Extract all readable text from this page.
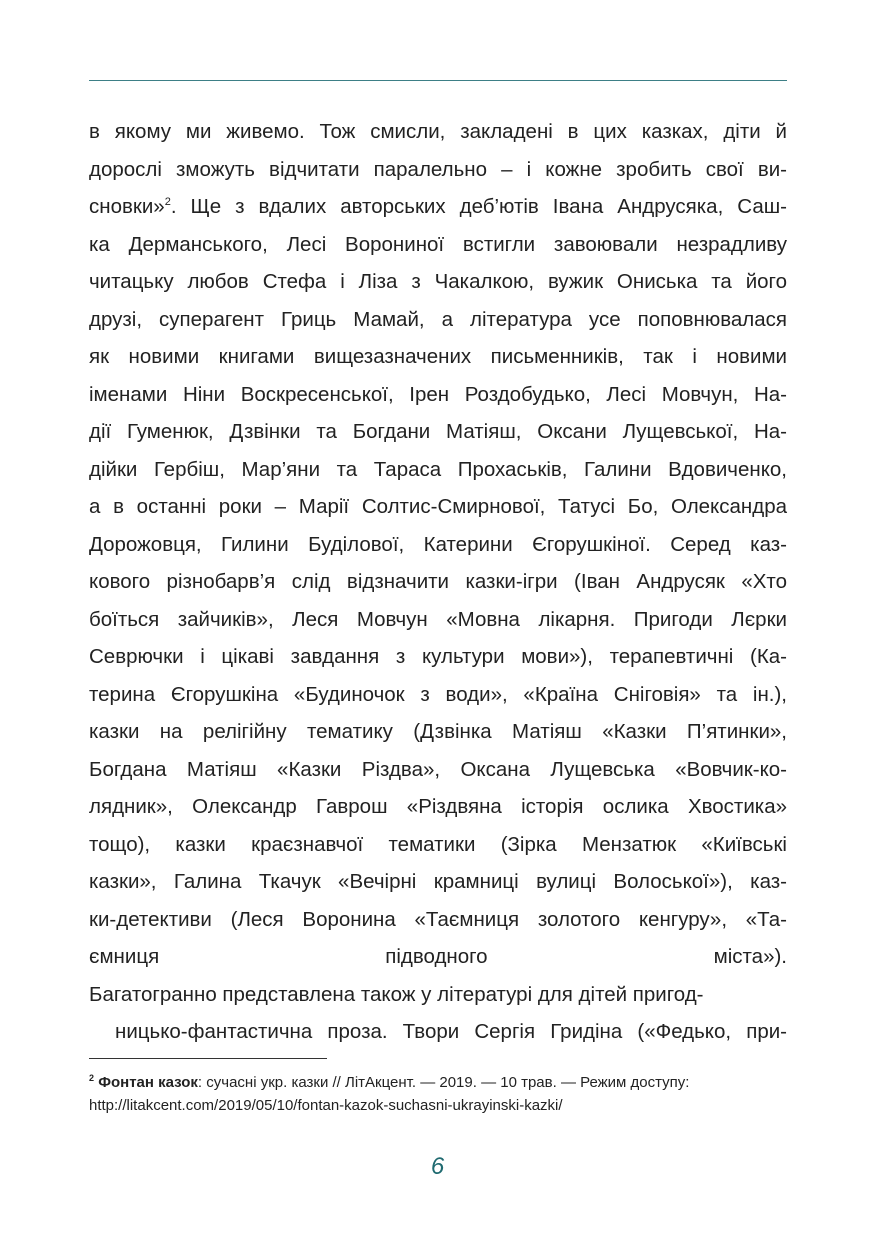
в якому ми живемо. Тож смисли, закладені в цих казках, діти й
дорослі зможуть відчитати паралельно – і кожне зробить свої ви-
сновки»$^2$. Ще з вдалих авторських деб’ютів Івана Андрусяка, Саш-
ка Дерманського, Лесі Ворониної встигли завоювали незрадливу
читацьку любов Стефа і Ліза з Чакалкою, вужик Ониська та його
друзі, суперагент Гриць Мамай, а література усе поповнювалася
як новими книгами вищезазначених письменників, так і новими
іменами Ніни Воскресенської, Ірен Роздобудько, Лесі Мовчун, На-
дії Гуменюк, Дзвінки та Богдани Матіяш, Оксани Лущевської, На-
дійки Гербіш, Мар’яни та Тараса Прохаськів, Галини Вдовиченко,
а в останні роки – Марії Солтис-Смирнової, Татусі Бо, Олександра
Дорожовця, Гилини Буділової, Катерини Єгорушкіної. Серед каз-
кового різнобарв’я слід відзначити казки-ігри (Іван Андрусяк «Хто
боїться зайчиків», Леся Мовчун «Мовна лікарня. Пригоди Лєрки
Севрючки і цікаві завдання з культури мови»), терапевтичні (Ка-
терина Єгорушкіна «Будиночок з води», «Країна Сніговія» та ін.),
казки на релігійну тематику (Дзвінка Матіяш «Казки П’ятинки»,
Богдана Матіяш «Казки Різдва», Оксана Лущевська «Вовчик-ко-
лядник», Олександр Гаврош «Різдвяна історія ослика Хвостика»
тощо), казки краєзнавчої тематики (Зірка Мензатюк «Київські
казки», Галина Ткачук «Вечірні крамниці вулиці Волоської»), каз-
ки-детективи (Леся Воронина «Таємниця золотого кенгуру», «Та-
ємниця підводного міста»).
Багатогранно представлена також у літературі для дітей пригод-
ницько-фантастична проза. Твори Сергія Гридіна («Федько, при-
$^2$ Фонтан казок: сучасні укр. казки // ЛітАкцент. — 2019. — 10 трав. — Режим доступу:
http://litakcent.com/2019/05/10/fontan-kazok-suchasni-ukrayinski-kazki/
6
